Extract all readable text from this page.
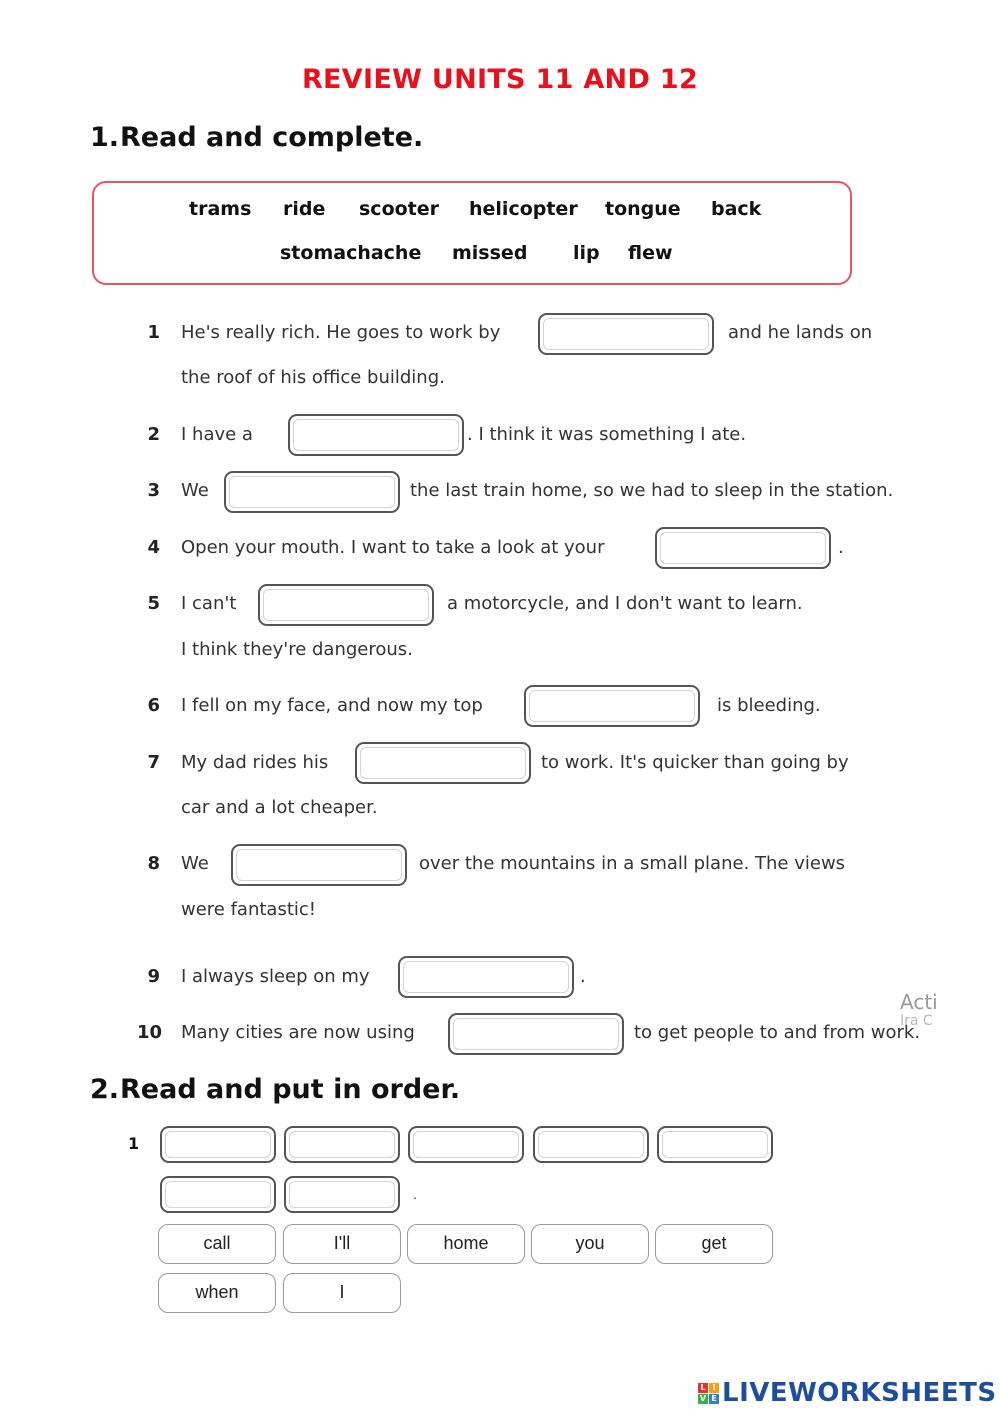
REVIEW UNITS 11 AND 12
1.Read and complete.
trams ride scooter helicopter tongue back
stomachache missed lip flew
1 He's really rich. He goes to work by	and he lands on
the roof of his office building.
2 I have a	. I think it was something I ate.
3 We	the last train home, so we had to sleep in the station.
4 Open your mouth. I want to take a look at your	.
5 I can't	a motorcycle, and I don't want to learn.
I think they're dangerous.
6 I fell on my face, and now my top	is bleeding.
7 My dad rides his	to work. It's quicker than going by
car and a lot cheaper.
8 We	over the mountains in a small plane. The views
were fantastic!
9 I always sleep on my	.
10 Many cities are now using	to get people to and from work.
Acti
Ira C
2.Read and put in order.
1
.
call	I'll	home	you	get
when	I
L I
V E LIVEWORKSHEETS
